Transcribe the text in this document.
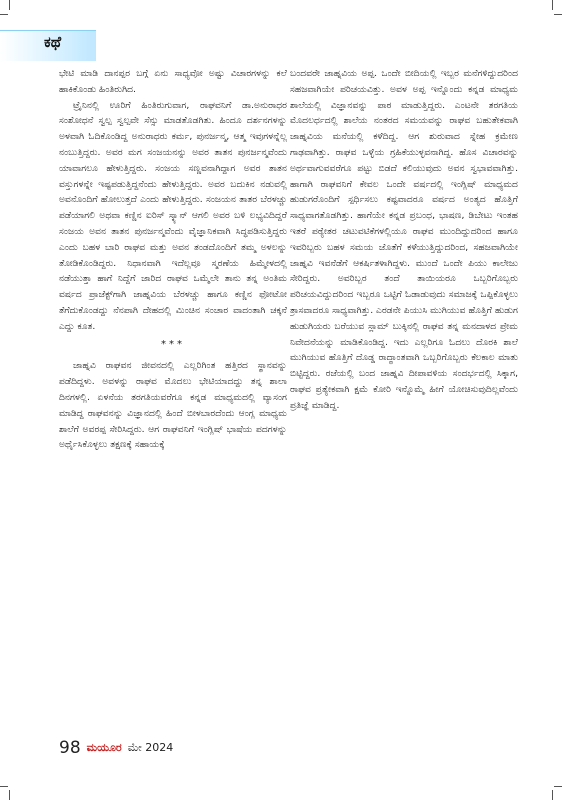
ಕಥೆ

ಭೇಟಿ ಮಾಡಿ ದಾನಪ್ಪರ ಬಗ್ಗೆ ಏನು ಸಾಧ್ಯವೋ ಅಷ್ಟು ವಿಚಾರಗಳನ್ನು ಕಲೆ ಹಾಕಿಕೊಂಡು ಹಿಂತಿರುಗಿದ.

ಟ್ರೈನಿನಲ್ಲಿ ಊರಿಗೆ ಹಿಂತಿರುಗುವಾಗ, ರಾಘವನಿಗೆ ಡಾ.ಅನುರಾಧರ ಸಂಶೋಧನೆ ಸ್ವಲ್ಪ ಸ್ವಲ್ಪವೇ ಸೆನ್ಸು ಮಾಡತೊಡಗಿತು. ಹಿಂದೂ ದರ್ಶನಗಳನ್ನು ಅಳವಾಗಿ ಓದಿಕೊಂಡಿದ್ದ ಅನುರಾಧರು ಕರ್ಮ, ಪುನರ್ಜನ್ಮ, ಆತ್ಮ ಇವುಗಳನ್ನೆಲ್ಲ ನಂಬುತ್ತಿದ್ದರು. ಅವರ ಮಗ ಸಂಜಯನನ್ನು ಅವರ ತಾತನ ಪುನರ್ಜನ್ಮವೆಂದು ಯಾವಾಗಲೂ ಹೇಳುತ್ತಿದ್ದರು. ಸಂಜಯ ಸಣ್ಣವನಾಗಿದ್ದಾಗ ಅವರ ತಾತನ ವಸ್ತುಗಳನ್ನೇ ಇಷ್ಟಪಡುತ್ತಿದ್ದನೆಂದು ಹೇಳುತ್ತಿದ್ದರು. ಅವರ ಬದುಕಿನ ನಡುವಲ್ಲಿ ಅವನೊಂದಿಗೆ ಹೋಲುತ್ತದೆ ಎಂದು ಹೇಳುತ್ತಿದ್ದರು. ಸಂಜಯನ ತಾತರ ಬೆರಳಚ್ಚು ಪಡೆಯಾಗಲಿ ಅಥವಾ ಕಣ್ಣಿನ ಐರಿಸ್ ಸ್ಕ್ಯಾನ್ ಆಗಲಿ ಅವರ ಬಳಿ ಲಭ್ಯವಿದಿದ್ದರೆ ಸಂಜಯ ಅವನ ತಾತನ ಪುನರ್ಜನ್ಮವೆಂದು ವೈಜ್ಞಾನಿಕವಾಗಿ ಸಿದ್ಧಪಡಿಸುತ್ತಿದ್ದರು ಎಂದು ಬಹಳ ಬಾರಿ ರಾಘವ ಮತ್ತು ಅವನ ತಂಡದೊಂದಿಗೆ ತಮ್ಮ ಅಳಲನ್ನು ತೋಡಿಕೊಂಡಿದ್ದರು. ನಿಧಾನವಾಗಿ ಇದೆಲ್ಲವೂ ಸ್ಮರಣೆಯ ಹಿಮ್ಮೇಳದಲ್ಲಿ ನಡೆಯುತ್ತಾ ಹಾಗೆ ನಿದ್ದೆಗೆ ಜಾರಿದ ರಾಘವ ಒಮ್ಮೆಲೇ ತಾನು ತನ್ನ ಅಂತಿಮ ವರ್ಷದ ಪ್ರಾಜೆಕ್ಟ್‌ಗಾಗಿ ಜಾಹ್ನವಿಯ ಬೆರಳಚ್ಚು ಹಾಗೂ ಕಣ್ಣಿನ ಫೋಟೋ ತೆಗೆದುಕೊಂಡದ್ದು ನೆನಪಾಗಿ ದೇಹದಲ್ಲಿ ಮಿಂಚಿನ ಸಂಚಾರ ವಾದಂತಾಗಿ ಚಕ್ಕನೆ ಎದ್ದು ಕೂತ.

***

ಜಾಹ್ನವಿ ರಾಘವನ ಜೀವನದಲ್ಲಿ ಎಲ್ಲರಿಗಿಂತ ಹತ್ತಿರದ ಸ್ಥಾನವನ್ನು ಪಡೆದಿದ್ದಳು. ಅವಳನ್ನು ರಾಘವ ಮೊದಲು ಭೇಟಿಯಾದದ್ದು ತನ್ನ ಶಾಲಾ ದಿನಗಳಲ್ಲಿ. ಏಳನೆಯ ತರಗತಿಯವರೆಗೂ ಕನ್ನಡ ಮಾಧ್ಯಮದಲ್ಲಿ ವ್ಯಾಸಂಗ ಮಾಡಿದ್ದ ರಾಘವನನ್ನು ವಿಜ್ಞಾನದಲ್ಲಿ ಹಿಂದೆ ಬೀಳಬಾರದೆಂದು ಆಂಗ್ಲ ಮಾಧ್ಯಮ ಶಾಲೆಗೆ ಅವರಪ್ಪ ಸೇರಿಸಿದ್ದರು. ಆಗ ರಾಘವನಿಗೆ ಇಂಗ್ಲಿಷ್ ಭಾಷೆಯ ಪದಗಳನ್ನು ಅರ್ಥೈಸಿಕೊಳ್ಳಲು ತಕ್ಷಣಕ್ಕೆ ಸಹಾಯಕ್ಕೆ

ಬಂದವರೇ ಜಾಹ್ನವಿಯ ಅಪ್ಪ. ಒಂದೇ ಬೀದಿಯಲ್ಲಿ ಇಬ್ಬರ ಮನೆಗಳಿದ್ದುದರಿಂದ ಸಹಜವಾಗಿಯೇ ಪರಿಚಯವಿತ್ತು. ಅವಳ ಅಪ್ಪ ಇನ್ನೊಂದು ಕನ್ನಡ ಮಾಧ್ಯಮ ಶಾಲೆಯಲ್ಲಿ ವಿಜ್ಞಾನವನ್ನು ಪಾಠ ಮಾಡುತ್ತಿದ್ದರು. ಎಂಟನೇ ತರಗತಿಯ ಮೊದಲರ್ಧದಲ್ಲಿ ಶಾಲೆಯ ನಂತರದ ಸಮಯವನ್ನು ರಾಘವ ಬಹುತೇಕವಾಗಿ ಜಾಹ್ನವಿಯ ಮನೆಯಲ್ಲಿ ಕಳೆದಿದ್ದ. ಆಗ ಶುರುವಾದ ಸ್ನೇಹ ಕ್ರಮೇಣ ಗಾಢವಾಗಿತ್ತು. ರಾಘವ ಒಳ್ಳೆಯ ಗ್ರಹಿಕೆಯುಳ್ಳವನಾಗಿದ್ದ. ಹೊಸ ವಿಚಾರವನ್ನು ಅರ್ಥವಾಗುವವರೆಗೂ ಪಟ್ಟು ಬಿಡದೆ ಕಲಿಯುವುದು ಅವನ ಸ್ವಭಾವವಾಗಿತ್ತು. ಹಾಗಾಗಿ ರಾಘವನಿಗೆ ಕೇವಲ ಒಂದೇ ವರ್ಷದಲ್ಲಿ ಇಂಗ್ಲಿಷ್ ಮಾಧ್ಯಮದ ಹುಡುಗರೊಂದಿಗೆ ಸ್ಪರ್ಧಿಸಲು ಕಷ್ಟವಾದರೂ ವರ್ಷದ ಅಂತ್ಯದ ಹೊತ್ತಿಗೆ ಸಾಧ್ಯವಾಗತೊಡಗಿತ್ತು. ಹಾಗೆಯೇ ಕನ್ನಡ ಪ್ರಬಂಧ, ಭಾಷಣ, ಡಿಬೇಟು ಇಂತಹ ಇತರೆ ಪಠ್ಯೇತರ ಚಟುವಟಿಕೆಗಳಲ್ಲಿಯೂ ರಾಘವ ಮುಂದಿದ್ದುದರಿಂದ ಹಾಗೂ ಇವರಿಬ್ಬರು ಬಹಳ ಸಮಯ ಜೊತೆಗೆ ಕಳೆಯುತ್ತಿದ್ದುದರಿಂದ, ಸಹಜವಾಗಿಯೇ ಜಾಹ್ನವಿ ಇವನೆಡೆಗೆ ಆಕರ್ಷಿತಳಾಗಿದ್ದಳು. ಮುಂದೆ ಒಂದೇ ಪಿಯು ಕಾಲೇಜು ಸೇರಿದ್ದರು. ಅವರಿಬ್ಬರ ತಂದೆ ತಾಯಿಯರೂ ಒಬ್ಬರಿಗೊಬ್ಬರು ಪರಿಚಯವಿದ್ದುದರಿಂದ ಇಬ್ಬರೂ ಒಟ್ಟಿಗೆ ಓಡಾಡುವುದು ಸಮಾಜಕ್ಕೆ ಒಪ್ಪಿಕೊಳ್ಳಲು ತ್ರಾಸವಾದರೂ ಸಾಧ್ಯವಾಗಿತ್ತು. ಎರಡನೇ ಪಿಯುಸಿ ಮುಗಿಯುವ ಹೊತ್ತಿಗೆ ಹುಡುಗ ಹುಡುಗಿಯರು ಬರೆಯುವ ಸ್ಲಾಮ್ ಬುಕ್ಕಿನಲ್ಲಿ ರಾಘವ ತನ್ನ ಮನದಾಳದ ಪ್ರೇಮ ನಿವೇದನೆಯನ್ನು ಮಾಡಿಕೊಂಡಿದ್ದ. ಇದು ಎಲ್ಲರಿಗೂ ಓದಲು ದೊರಕಿ ಶಾಲೆ ಮುಗಿಯುವ ಹೊತ್ತಿಗೆ ದೊಡ್ಡ ರಾದ್ಧಾಂತವಾಗಿ ಒಬ್ಬರಿಗೊಬ್ಬರು ಕೆಲಕಾಲ ಮಾತು ಬಿಟ್ಟಿದ್ದರು. ರಜೆಯಲ್ಲಿ ಬಂದ ಜಾಹ್ನವಿ ದೀಪಾವಳಿಯ ಸಂದರ್ಭದಲ್ಲಿ ಸಿಕ್ಕಾಗ, ರಾಘವ ಪ್ರತ್ಯೇಕವಾಗಿ ಕ್ಷಮೆ ಕೋರಿ ಇನ್ನೊಮ್ಮೆ ಹೀಗೆ ಯೋಚಿಸುವುದಿಲ್ಲವೆಂದು ಪ್ರತಿಜ್ಞೆ ಮಾಡಿದ್ದ.

98 ಮಯೂರ ಮೇ 2024
